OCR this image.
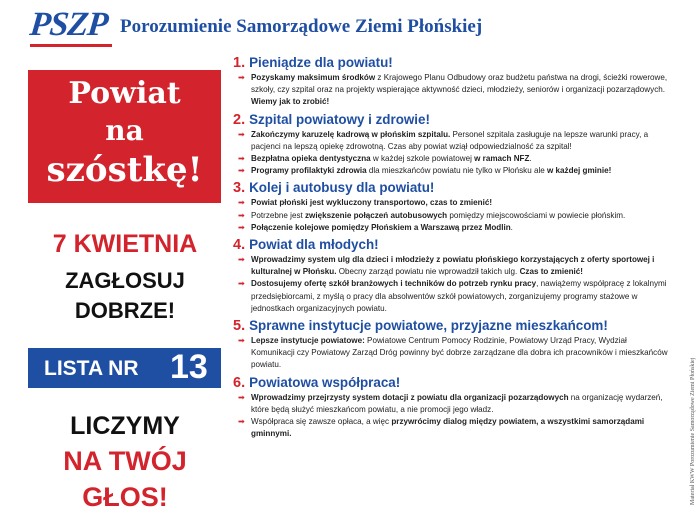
PSZP Porozumienie Samorządowe Ziemi Płońskiej
Powiat
na
szóstkę!
7 KWIETNIA
ZAGŁOSUJ
DOBRZE!
LISTA NR 13
LICZYMY
NA TWÓJ
GŁOS!
1. Pieniądze dla powiatu!
➡ Pozyskamy maksimum środków z Krajowego Planu Odbudowy oraz budżetu państwa na drogi, ścieżki rowerowe, szkoły, czy szpital oraz na projekty wspierające aktywność dzieci, młodzieży, seniorów i organizacji pozarządowych. Wiemy jak to zrobić!
2. Szpital powiatowy i zdrowie!
➡ Zakończymy karuzelę kadrową w płońskim szpitalu. Personel szpitala zasługuje na lepsze warunki pracy, a pacjenci na lepszą opiekę zdrowotną. Czas aby powiat wziął odpowiedzialność za szpital!
➡ Bezpłatna opieka dentystyczna w każdej szkole powiatowej w ramach NFZ.
➡ Programy profilaktyki zdrowia dla mieszkańców powiatu nie tylko w Płońsku ale w każdej gminie!
3. Kolej i autobusy dla powiatu!
➡ Powiat płoński jest wykluczony transportowo, czas to zmienić!
➡ Potrzebne jest zwiększenie połączeń autobusowych pomiędzy miejscowościami w powiecie płońskim.
➡ Połączenie kolejowe pomiędzy Płońskiem a Warszawą przez Modlin.
4. Powiat dla młodych!
➡ Wprowadzimy system ulg dla dzieci i młodzieży z powiatu płońskiego korzystających z oferty sportowej i kulturalnej w Płońsku. Obecny zarząd powiatu nie wprowadził takich ulg. Czas to zmienić!
➡ Dostosujemy ofertę szkół branżowych i techników do potrzeb rynku pracy, nawiążemy współpracę z lokalnymi przedsiębiorcami, z myślą o pracy dla absolwentów szkół powiatowych, zorganizujemy programy stażowe w jednostkach organizacyjnych powiatu.
5. Sprawne instytucje powiatowe, przyjazne mieszkańcom!
➡ Lepsze instytucje powiatowe: Powiatowe Centrum Pomocy Rodzinie, Powiatowy Urząd Pracy, Wydział Komunikacji czy Powiatowy Zarząd Dróg powinny być dobrze zarządzane dla dobra ich pracowników i mieszkańców powiatu.
6. Powiatowa współpraca!
➡ Wprowadzimy przejrzysty system dotacji z powiatu dla organizacji pozarządowych na organizację wydarzeń, które będą służyć mieszkańcom powiatu, a nie promocji jego władz.
➡ Współpraca się zawsze opłaca, a więc przywrócimy dialog między powiatem, a wszystkimi samorządami gminnymi.	Materiał KWW Porozumienie Samorządowe Ziemi Płońskiej
